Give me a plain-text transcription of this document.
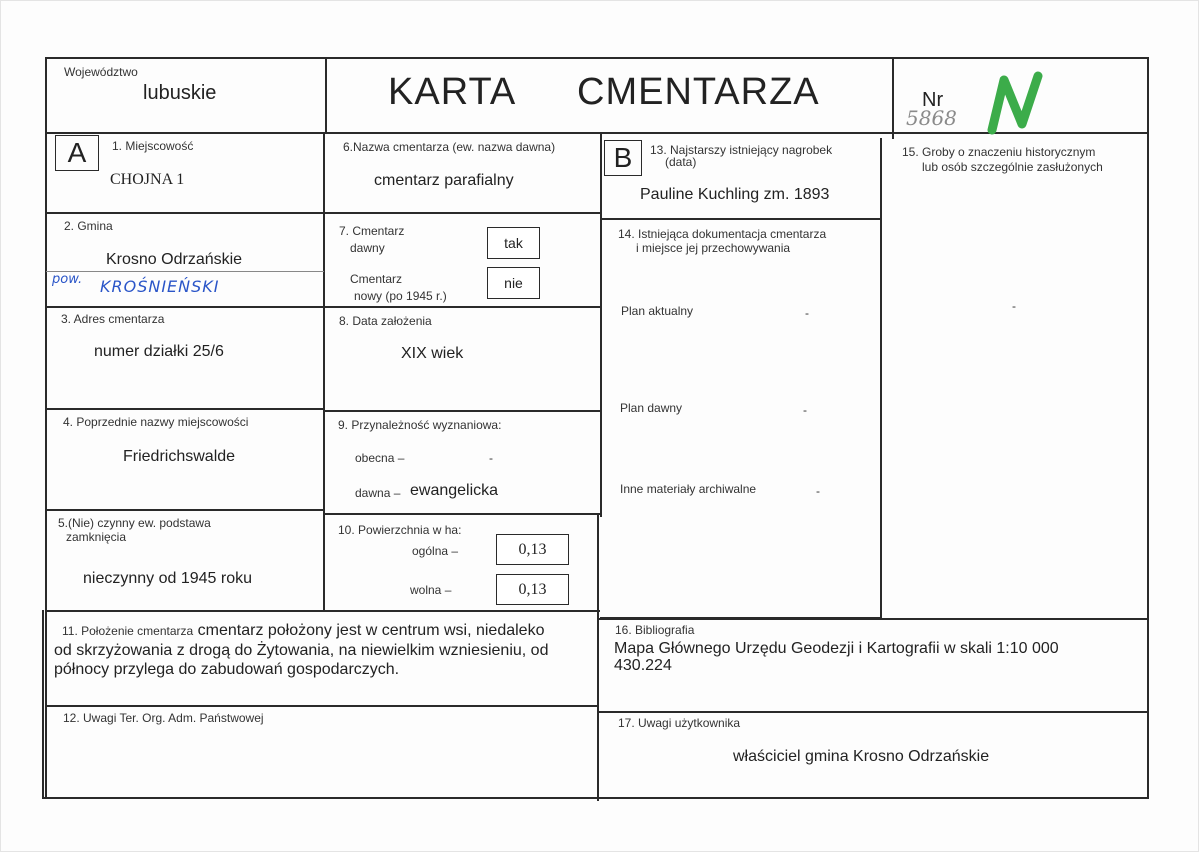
Województwo
lubuskie	KARTA CMENTARZA	Nr
5868
A	1. Miejscowość
CHOJNA 1
2. Gmina
Krosno Odrzańskie
pow. KROŚNIEŃSKI
3. Adres cmentarza
numer działki 25/6
4. Poprzednie nazwy miejscowości
Friedrichswalde
5.(Nie) czynny ew. podstawa
zamknięcia
nieczynny od 1945 roku
6.Nazwa cmentarza (ew. nazwa dawna)
cmentarz parafialny
7. Cmentarz
dawny	tak
Cmentarz
nowy (po 1945 r.)
nie
8. Data założenia
XIX wiek
9. Przynależność wyznaniowa:
obecna –	-
dawna – ewangelicka
10. Powierzchnia w ha:
ogólna –	0,13
wolna –	0,13
B	13. Najstarszy istniejący nagrobek
(data)
Pauline Kuchling zm. 1893
14. Istniejąca dokumentacja cmentarza
i miejsce jej przechowywania
Plan aktualny	-
Plan dawny	-
Inne materiały archiwalne	-
15. Groby o znaczeniu historycznym
lub osób szczególnie zasłużonych
-
11. Położenie cmentarza cmentarz położony jest w centrum wsi, niedaleko
od skrzyżowania z drogą do Żytowania, na niewielkim wzniesieniu, od
północy przylega do zabudowań gospodarczych.
16. Bibliografia
Mapa Głównego Urzędu Geodezji i Kartografii w skali 1:10 000
430.224
12. Uwagi Ter. Org. Adm. Państwowej	17. Uwagi użytkownika
właściciel gmina Krosno Odrzańskie
